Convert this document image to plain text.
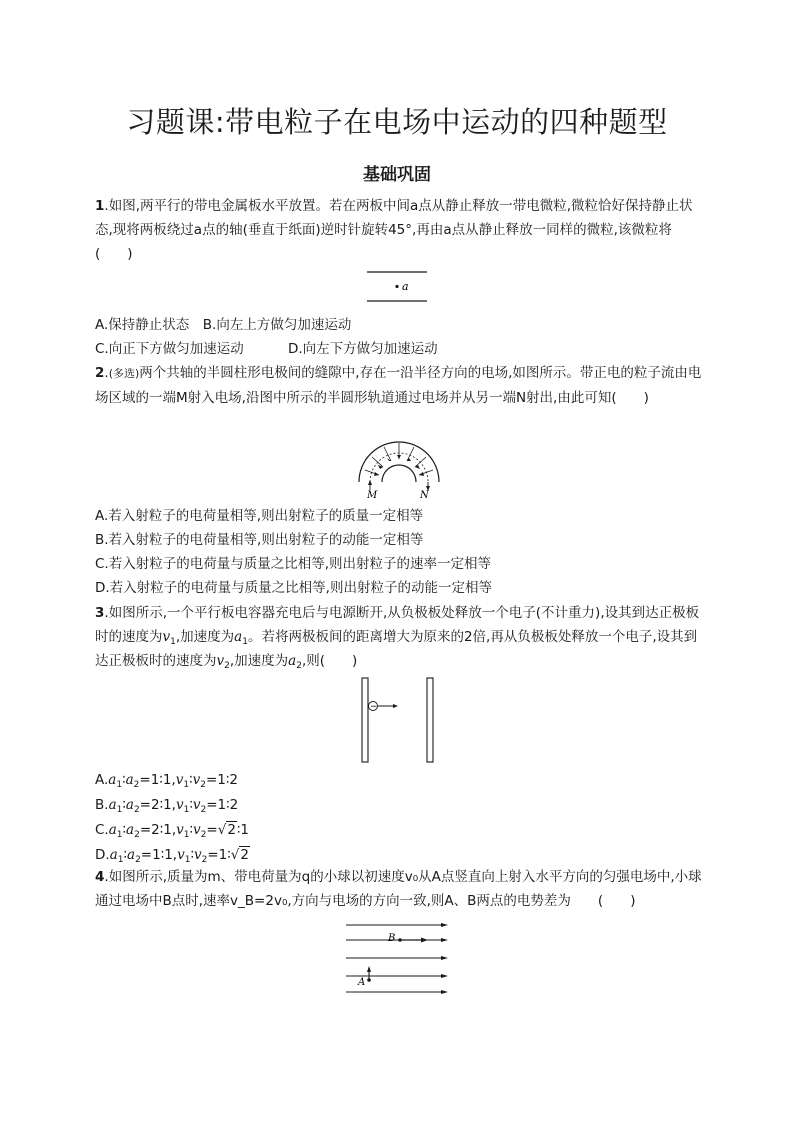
习题课:带电粒子在电场中运动的四种题型
基础巩固
1.如图,两平行的带电金属板水平放置。若在两板中间a点从静止释放一带电微粒,微粒恰好保持静止状态,现将两板绕过a点的轴(垂直于纸面)逆时针旋转45°,再由a点从静止释放一同样的微粒,该微粒将(　　)
a
A.保持静止状态　B.向左上方做匀加速运动
C.向正下方做匀加速运动	D.向左下方做匀加速运动
2.(多选)两个共轴的半圆柱形电极间的缝隙中,存在一沿半径方向的电场,如图所示。带正电的粒子流由电场区域的一端M射入电场,沿图中所示的半圆形轨道通过电场并从另一端N射出,由此可知(　　)
M	N
A.若入射粒子的电荷量相等,则出射粒子的质量一定相等
B.若入射粒子的电荷量相等,则出射粒子的动能一定相等
C.若入射粒子的电荷量与质量之比相等,则出射粒子的速率一定相等
D.若入射粒子的电荷量与质量之比相等,则出射粒子的动能一定相等
3.如图所示,一个平行板电容器充电后与电源断开,从负极板处释放一个电子(不计重力),设其到达正极板时的速度为$v_1$,加速度为$a_1$。若将两极板间的距离增大为原来的2倍,再从负极板处释放一个电子,设其到达正极板时的速度为$v_2$,加速度为$a_2$,则(　　)
−
$A.a_1∶a_2=1∶1,v_1∶v_2=1∶2$
$B.a_1∶a_2=2∶1,v_1∶v_2=1∶2$
$C.a_1∶a_2=2∶1,v_1∶v_2=√2∶1$
$D.a_1∶a_2=1∶1,v_1∶v_2=1∶√2$
4.如图所示,质量为m、带电荷量为q的小球以初速度v₀从A点竖直向上射入水平方向的匀强电场中,小球通过电场中B点时,速率v_B=2v₀,方向与电场的方向一致,则A、B两点的电势差为　　(　　)
B
A
